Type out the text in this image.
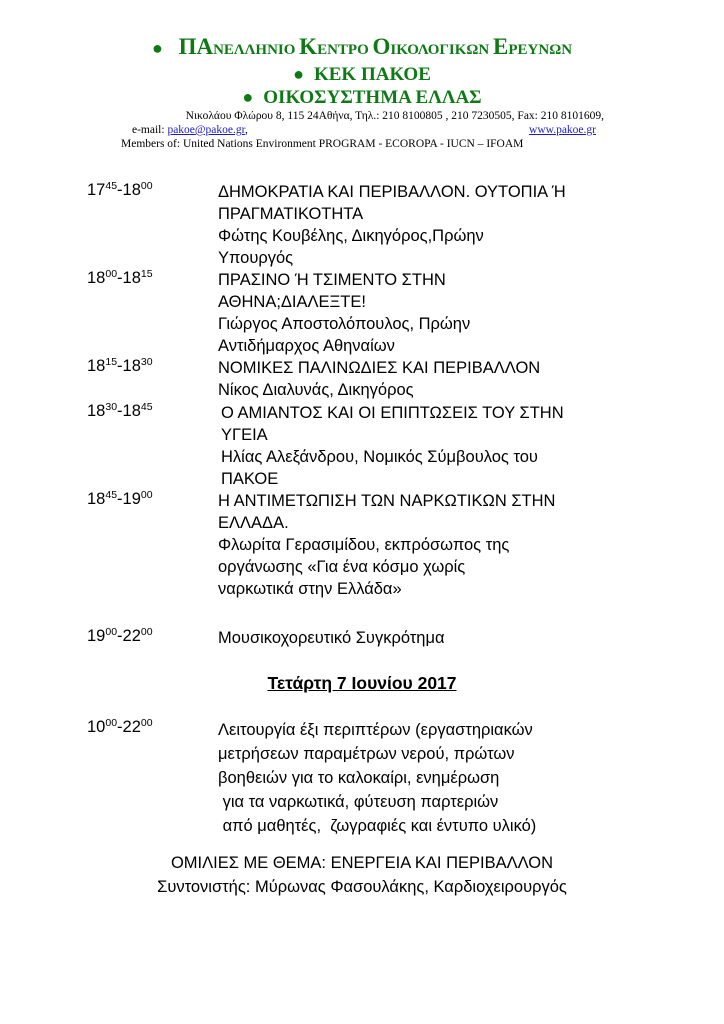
● ΠΑΝΕΛΛΗΝΙΟ ΚΕΝΤΡΟ ΟΙΚΟΛΟΓΙΚΩΝ ΕΡΕΥΝΩΝ
● ΚΕΚ ΠΑΚΟΕ
● ΟΙΚΟΣΥΣΤΗΜΑ ΕΛΛΑΣ
Νικολάου Φλώρου 8, 115 24Αθήνα, Τηλ.: 210 8100805 , 210 7230505, Fax: 210 8101609,
e-mail: pakoe@pakoe.gr,	www.pakoe.gr
Members of: United Nations Environment PROGRAM - ECOROPA - IUCN – IFOAM
$17^{45}-18^{00}$	ΔΗΜΟΚΡΑΤΙΑ ΚΑΙ ΠΕΡΙΒΑΛΛΟΝ. ΟΥΤΟΠΙΑ Ή
ΠΡΑΓΜΑΤΙΚΟΤΗΤΑ
Φώτης Κουβέλης, Δικηγόρος,Πρώην
Υπουργός
$18^{00}-18^{15}$	ΠΡΑΣΙΝΟ Ή ΤΣΙΜΕΝΤΟ ΣΤΗΝ
ΑΘΗΝΑ;ΔΙΑΛΕΞΤΕ!
Γιώργος Αποστολόπουλος, Πρώην
Αντιδήμαρχος Αθηναίων
$18^{15}-18^{30}$	ΝΟΜΙΚΕΣ ΠΑΛΙΝΩΔΙΕΣ ΚΑΙ ΠΕΡΙΒΑΛΛΟΝ
Νίκος Διαλυνάς, Δικηγόρος
$18^{30}-18^{45}$	Ο ΑΜΙΑΝΤΟΣ ΚΑΙ ΟΙ ΕΠΙΠΤΩΣΕΙΣ ΤΟΥ ΣΤΗΝ
ΥΓΕΙΑ
Ηλίας Αλεξάνδρου, Νομικός Σύμβουλος του
ΠΑΚΟΕ
$18^{45}-19^{00}$	Η ΑΝΤΙΜΕΤΩΠΙΣΗ ΤΩΝ ΝΑΡΚΩΤΙΚΩΝ ΣΤΗΝ
ΕΛΛΑΔΑ.
Φλωρίτα Γερασιμίδου, εκπρόσωπος της
οργάνωσης «Για ένα κόσμο χωρίς
ναρκωτικά στην Ελλάδα»
$19^{00}-22^{00}$	Μουσικοχορευτικό Συγκρότημα
Τετάρτη 7 Ιουνίου 2017
$10^{00}-22^{00}$	Λειτουργία έξι περιπτέρων (εργαστηριακών
μετρήσεων παραμέτρων νερού, πρώτων
βοηθειών για το καλοκαίρι, ενημέρωση
για τα ναρκωτικά, φύτευση παρτεριών
από μαθητές,  ζωγραφιές και έντυπο υλικό)
ΟΜΙΛΙΕΣ ΜΕ ΘΕΜΑ: ΕΝΕΡΓΕΙΑ ΚΑΙ ΠΕΡΙΒΑΛΛΟΝ
Συντονιστής: Μύρωνας Φασουλάκης, Καρδιοχειρουργός
